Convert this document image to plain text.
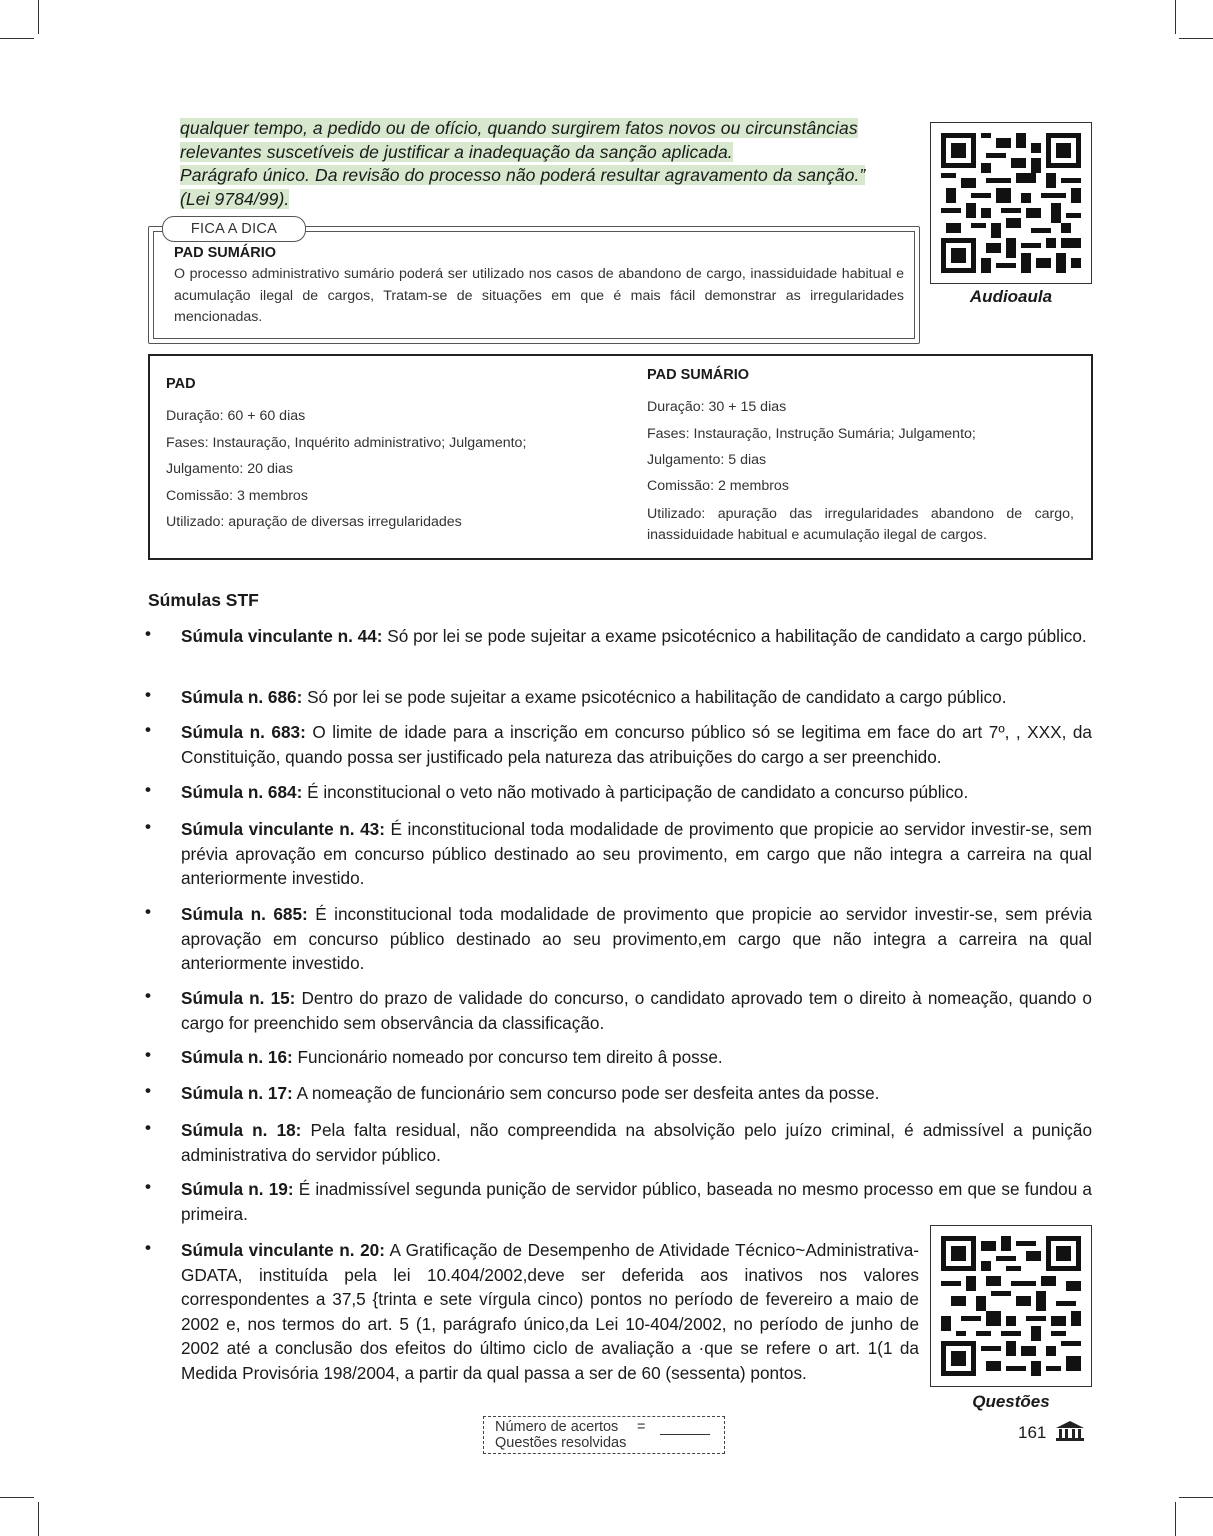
qualquer tempo, a pedido ou de ofício, quando surgirem fatos novos ou circunstâncias

relevantes suscetíveis de justificar a inadequação da sanção aplicada.

Parágrafo único. Da revisão do processo não poderá resultar agravamento da sanção.”

(Lei 9784/99).

FICA A DICA
PAD SUMÁRIO
O processo administrativo sumário poderá ser utilizado nos casos de abandono de cargo, inassiduidade habitual e acumulação ilegal de cargos, Tratam-se de situações em que é mais fácil demonstrar as irregularidades mencionadas.
Audioaula
PAD
Duração: 60 + 60 dias
Fases: Instauração, Inquérito administrativo; Julgamento;
Julgamento: 20 dias
Comissão: 3 membros
Utilizado: apuração de diversas irregularidades
PAD SUMÁRIO
Duração: 30 + 15 dias
Fases: Instauração, Instrução Sumária; Julgamento;
Julgamento: 5 dias
Comissão: 2 membros
Utilizado: apuração das irregularidades abandono de cargo, inassiduidade habitual e acumulação ilegal de cargos.
Súmulas STF
• Súmula vinculante n. 44: Só por lei se pode sujeitar a exame psicotécnico a habilitação de candidato a cargo público.
• Súmula n. 686: Só por lei se pode sujeitar a exame psicotécnico a habilitação de candidato a cargo público.
• Súmula n. 683: O limite de idade para a inscrição em concurso público só se legitima em face do art 7º, , XXX, da Constituição, quando possa ser justificado pela natureza das atribuições do cargo a ser preenchido.
• Súmula n. 684: É inconstitucional o veto não motivado à participação de candidato a concurso público.
• Súmula vinculante n. 43: É inconstitucional toda modalidade de provimento que propicie ao servidor investir-se, sem prévia aprovação em concurso público destinado ao seu provimento, em cargo que não integra a carreira na qual anteriormente investido.
• Súmula n. 685: É inconstitucional toda modalidade de provimento que propicie ao servidor investir-se, sem prévia aprovação em concurso público destinado ao seu provimento,em cargo que não integra a carreira na qual anteriormente investido.
• Súmula n. 15: Dentro do prazo de validade do concurso, o candidato aprovado tem o direito à nomeação, quando o cargo for preenchido sem observância da classificação.
• Súmula n. 16: Funcionário nomeado por concurso tem direito â posse.
• Súmula n. 17: A nomeação de funcionário sem concurso pode ser desfeita antes da posse.
• Súmula n. 18: Pela falta residual, não compreendida na absolvição pelo juízo criminal, é admissível a punição administrativa do servidor público.
• Súmula n. 19: É inadmissível segunda punição de servidor público, baseada no mesmo processo em que se fundou a primeira.
• Súmula vinculante n. 20: A Gratificação de Desempenho de Atividade Técnico~Administrativa-GDATA, instituída pela lei 10.404/2002,deve ser deferida aos inativos nos valores correspondentes a 37,5 {trinta e sete vírgula cinco) pontos no período de fevereiro a maio de 2002 e, nos termos do art. 5 (1, parágrafo único,da Lei 10-404/2002, no período de junho de 2002 até a conclusão dos efeitos do último ciclo de avaliação a ·que se refere o art. 1(1 da Medida Provisória 198/2004, a partir da qual passa a ser de 60 (sessenta) pontos.
Questões
Número de acertos =
Questões resolvidas
161
